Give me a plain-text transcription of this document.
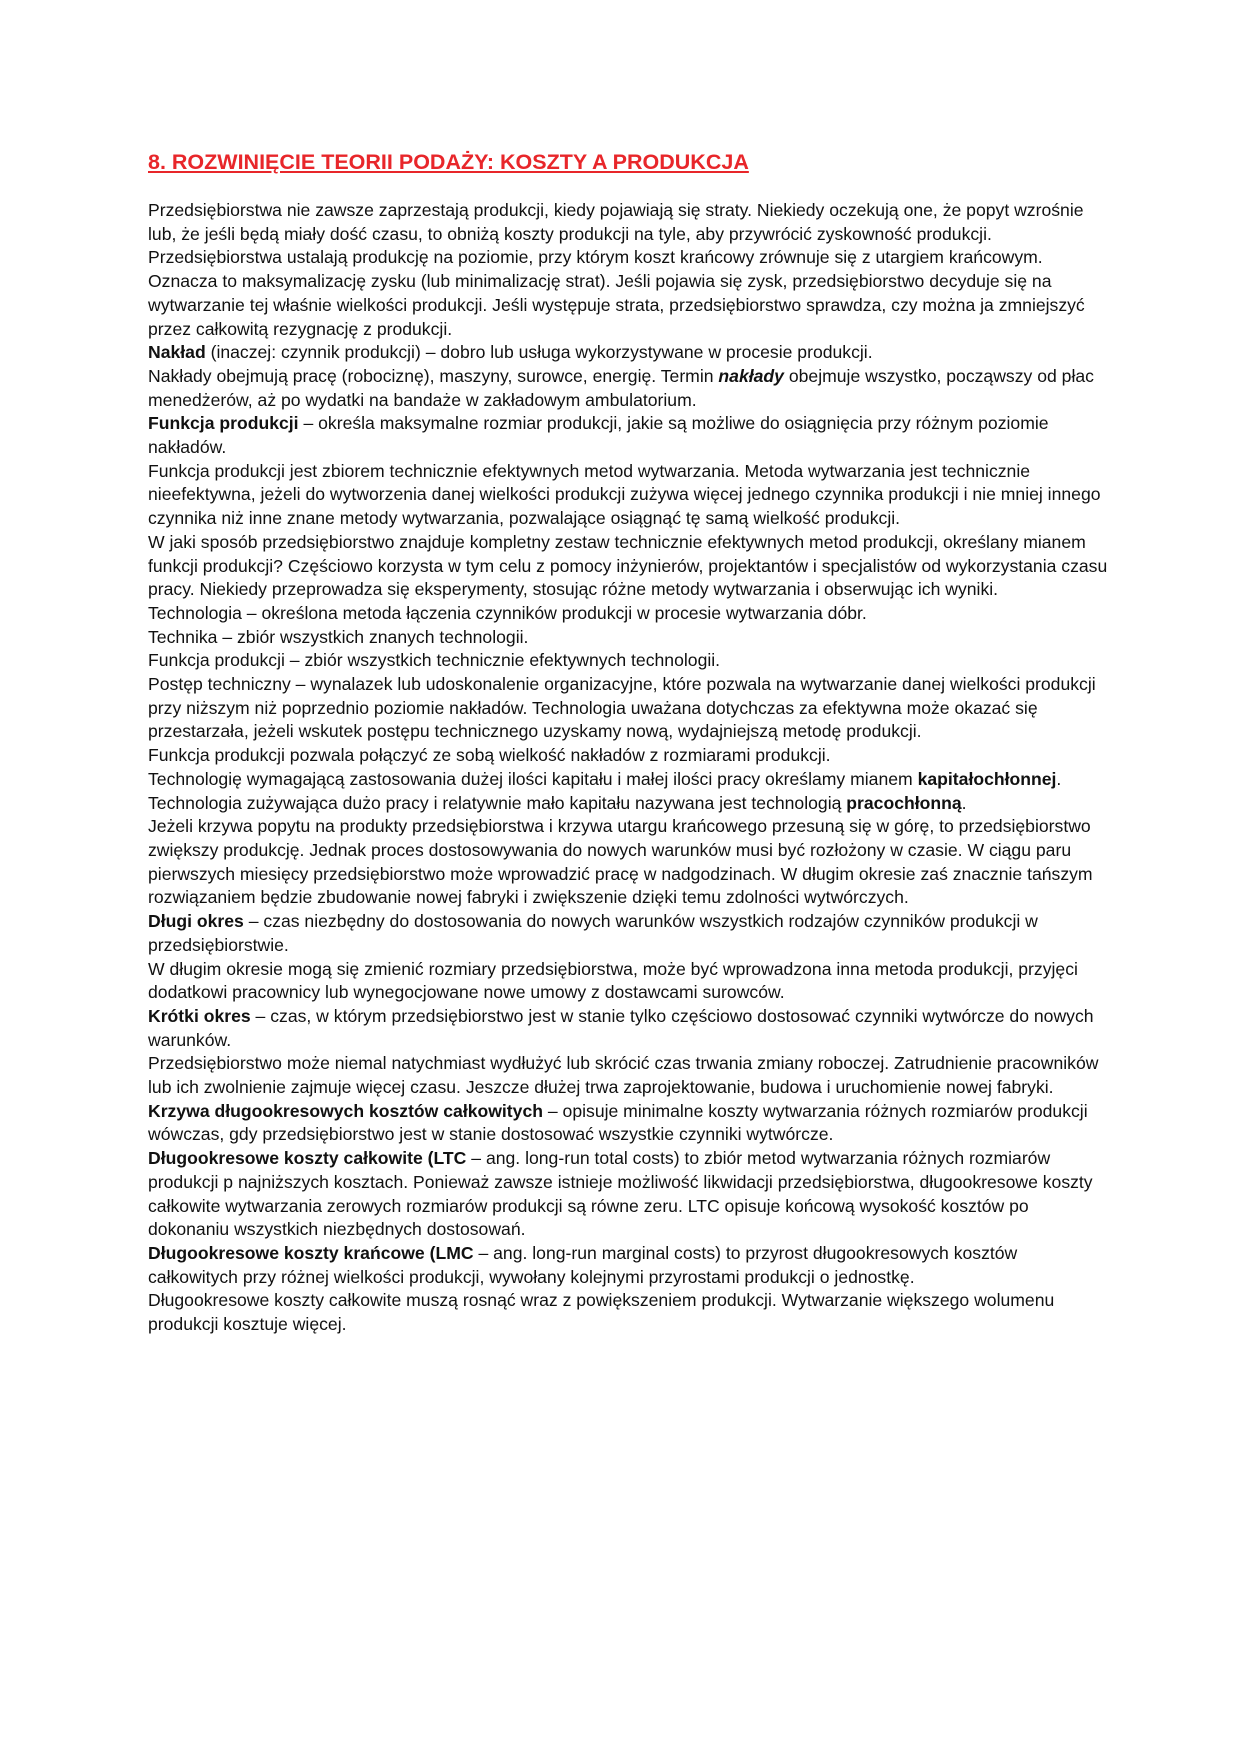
8. ROZWINIĘCIE TEORII PODAŻY: KOSZTY A PRODUKCJA

Przedsiębiorstwa nie zawsze zaprzestają produkcji, kiedy pojawiają się straty. Niekiedy oczekują one, że popyt wzrośnie lub, że jeśli będą miały dość czasu, to obniżą koszty produkcji na tyle, aby przywrócić zyskowność produkcji.

Przedsiębiorstwa ustalają produkcję na poziomie, przy którym koszt krańcowy zrównuje się z utargiem krańcowym. Oznacza to maksymalizację zysku (lub minimalizację strat). Jeśli pojawia się zysk, przedsiębiorstwo decyduje się na wytwarzanie tej właśnie wielkości produkcji. Jeśli występuje strata, przedsiębiorstwo sprawdza, czy można ja zmniejszyć przez całkowitą rezygnację z produkcji.

Nakład (inaczej: czynnik produkcji) – dobro lub usługa wykorzystywane w procesie produkcji.

Nakłady obejmują pracę (robociznę), maszyny, surowce, energię. Termin nakłady obejmuje wszystko, począwszy od płac menedżerów, aż po wydatki na bandaże w zakładowym ambulatorium.

Funkcja produkcji – określa maksymalne rozmiar produkcji, jakie są możliwe do osiągnięcia przy różnym poziomie nakładów.

Funkcja produkcji jest zbiorem technicznie efektywnych metod wytwarzania. Metoda wytwarzania jest technicznie nieefektywna, jeżeli do wytworzenia danej wielkości produkcji zużywa więcej jednego czynnika produkcji i nie mniej innego czynnika niż inne znane metody wytwarzania, pozwalające osiągnąć tę samą wielkość produkcji.

W jaki sposób przedsiębiorstwo znajduje kompletny zestaw technicznie efektywnych metod produkcji, określany mianem funkcji produkcji? Częściowo korzysta w tym celu z pomocy inżynierów, projektantów i specjalistów od wykorzystania czasu pracy. Niekiedy przeprowadza się eksperymenty, stosując różne metody wytwarzania i obserwując ich wyniki.

Technologia – określona metoda łączenia czynników produkcji w procesie wytwarzania dóbr.

Technika – zbiór wszystkich znanych technologii.

Funkcja produkcji – zbiór wszystkich technicznie efektywnych technologii.

Postęp techniczny – wynalazek lub udoskonalenie organizacyjne, które pozwala na wytwarzanie danej wielkości produkcji przy niższym niż poprzednio poziomie nakładów. Technologia uważana dotychczas za efektywna może okazać się przestarzała, jeżeli wskutek postępu technicznego uzyskamy nową, wydajniejszą metodę produkcji.

Funkcja produkcji pozwala połączyć ze sobą wielkość nakładów z rozmiarami produkcji.

Technologię wymagającą zastosowania dużej ilości kapitału i małej ilości pracy określamy mianem kapitałochłonnej. Technologia zużywająca dużo pracy i relatywnie mało kapitału nazywana jest technologią pracochłonną.

Jeżeli krzywa popytu na produkty przedsiębiorstwa i krzywa utargu krańcowego przesuną się w górę, to przedsiębiorstwo zwiększy produkcję. Jednak proces dostosowywania do nowych warunków musi być rozłożony w czasie. W ciągu paru pierwszych miesięcy przedsiębiorstwo może wprowadzić pracę w nadgodzinach. W długim okresie zaś znacznie tańszym rozwiązaniem będzie zbudowanie nowej fabryki i zwiększenie dzięki temu zdolności wytwórczych.

Długi okres – czas niezbędny do dostosowania do nowych warunków wszystkich rodzajów czynników produkcji w przedsiębiorstwie.

W długim okresie mogą się zmienić rozmiary przedsiębiorstwa, może być wprowadzona inna metoda produkcji, przyjęci dodatkowi pracownicy lub wynegocjowane nowe umowy z dostawcami surowców.

Krótki okres – czas, w którym przedsiębiorstwo jest w stanie tylko częściowo dostosować czynniki wytwórcze do nowych warunków.

Przedsiębiorstwo może niemal natychmiast wydłużyć lub skrócić czas trwania zmiany roboczej. Zatrudnienie pracowników lub ich zwolnienie zajmuje więcej czasu. Jeszcze dłużej trwa zaprojektowanie, budowa i uruchomienie nowej fabryki.

Krzywa długookresowych kosztów całkowitych – opisuje minimalne koszty wytwarzania różnych rozmiarów produkcji wówczas, gdy przedsiębiorstwo jest w stanie dostosować wszystkie czynniki wytwórcze.

Długookresowe koszty całkowite (LTC – ang. long-run total costs) to zbiór metod wytwarzania różnych rozmiarów produkcji p najniższych kosztach. Ponieważ zawsze istnieje możliwość likwidacji przedsiębiorstwa, długookresowe koszty całkowite wytwarzania zerowych rozmiarów produkcji są równe zeru. LTC opisuje końcową wysokość kosztów po dokonaniu wszystkich niezbędnych dostosowań.

Długookresowe koszty krańcowe (LMC – ang. long-run marginal costs) to przyrost długookresowych kosztów całkowitych przy różnej wielkości produkcji, wywołany kolejnymi przyrostami produkcji o jednostkę.

Długookresowe koszty całkowite muszą rosnąć wraz z powiększeniem produkcji. Wytwarzanie większego wolumenu produkcji kosztuje więcej.
